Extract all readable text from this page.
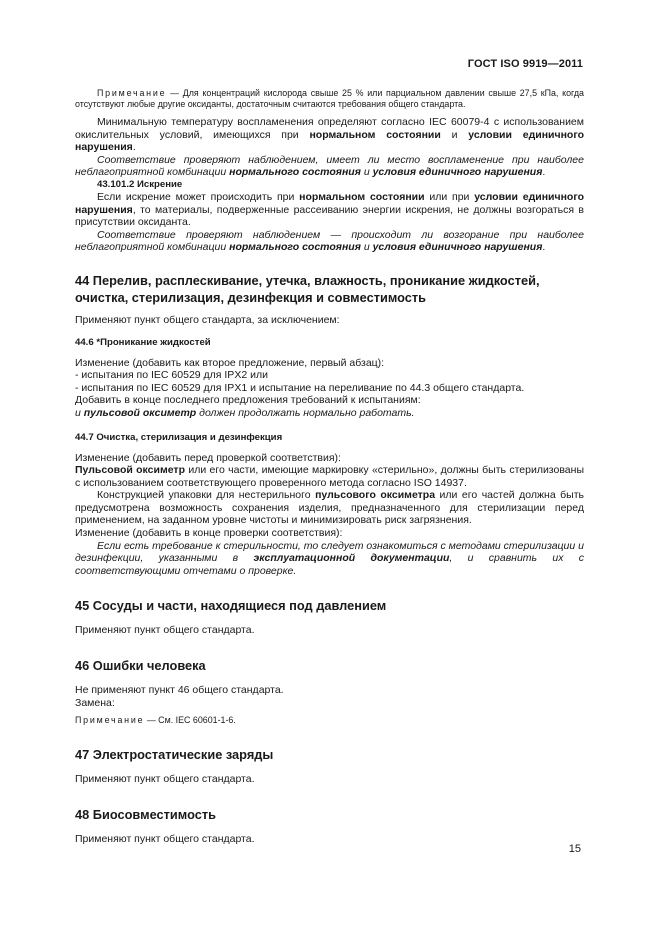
ГОСТ ISO 9919—2011

Примечание — Для концентраций кислорода свыше 25 % или парциальном давлении свыше 27,5 кПа, когда отсутствуют любые другие оксиданты, достаточным считаются требования общего стандарта.

Минимальную температуру воспламенения определяют согласно IEC 60079-4 с использованием окислительных условий, имеющихся при нормальном состоянии и условии единичного нарушения.

Соответствие проверяют наблюдением, имеет ли место воспламенение при наиболее неблагоприятной комбинации нормального состояния и условия единичного нарушения.

43.101.2 Искрение

Если искрение может происходить при нормальном состоянии или при условии единичного нарушения, то материалы, подверженные рассеиванию энергии искрения, не должны возгораться в присутствии оксиданта.

Соответствие проверяют наблюдением — происходит ли возгорание при наиболее неблагоприятной комбинации нормального состояния и условия единичного нарушения.

44 Перелив, расплескивание, утечка, влажность, проникание жидкостей, очистка, стерилизация, дезинфекция и совместимость

Применяют пункт общего стандарта, за исключением:

44.6 *Проникание жидкостей

Изменение (добавить как второе предложение, первый абзац):

- испытания по IEC 60529 для IPX2 или

- испытания по IEC 60529 для IPX1 и испытание на переливание по 44.3 общего стандарта.

Добавить в конце последнего предложения требований к испытаниям:

и пульсовой оксиметр должен продолжать нормально работать.

44.7 Очистка, стерилизация и дезинфекция

Изменение (добавить перед проверкой соответствия):

Пульсовой оксиметр или его части, имеющие маркировку «стерильно», должны быть стерилизованы с использованием соответствующего проверенного метода согласно ISO 14937.

Конструкцией упаковки для нестерильного пульсового оксиметра или его частей должна быть предусмотрена возможность сохранения изделия, предназначенного для стерилизации перед применением, на заданном уровне чистоты и минимизировать риск загрязнения.

Изменение (добавить в конце проверки соответствия):

Если есть требование к стерильности, то следует ознакомиться с методами стерилизации и дезинфекции, указанными в эксплуатационной документации, и сравнить их с соответствующими отчетами о проверке.

45 Сосуды и части, находящиеся под давлением

Применяют пункт общего стандарта.

46 Ошибки человека

Не применяют пункт 46 общего стандарта.

Замена:

Примечание — См. IEC 60601-1-6.

47 Электростатические заряды

Применяют пункт общего стандарта.

48 Биосовместимость

Применяют пункт общего стандарта.

15
